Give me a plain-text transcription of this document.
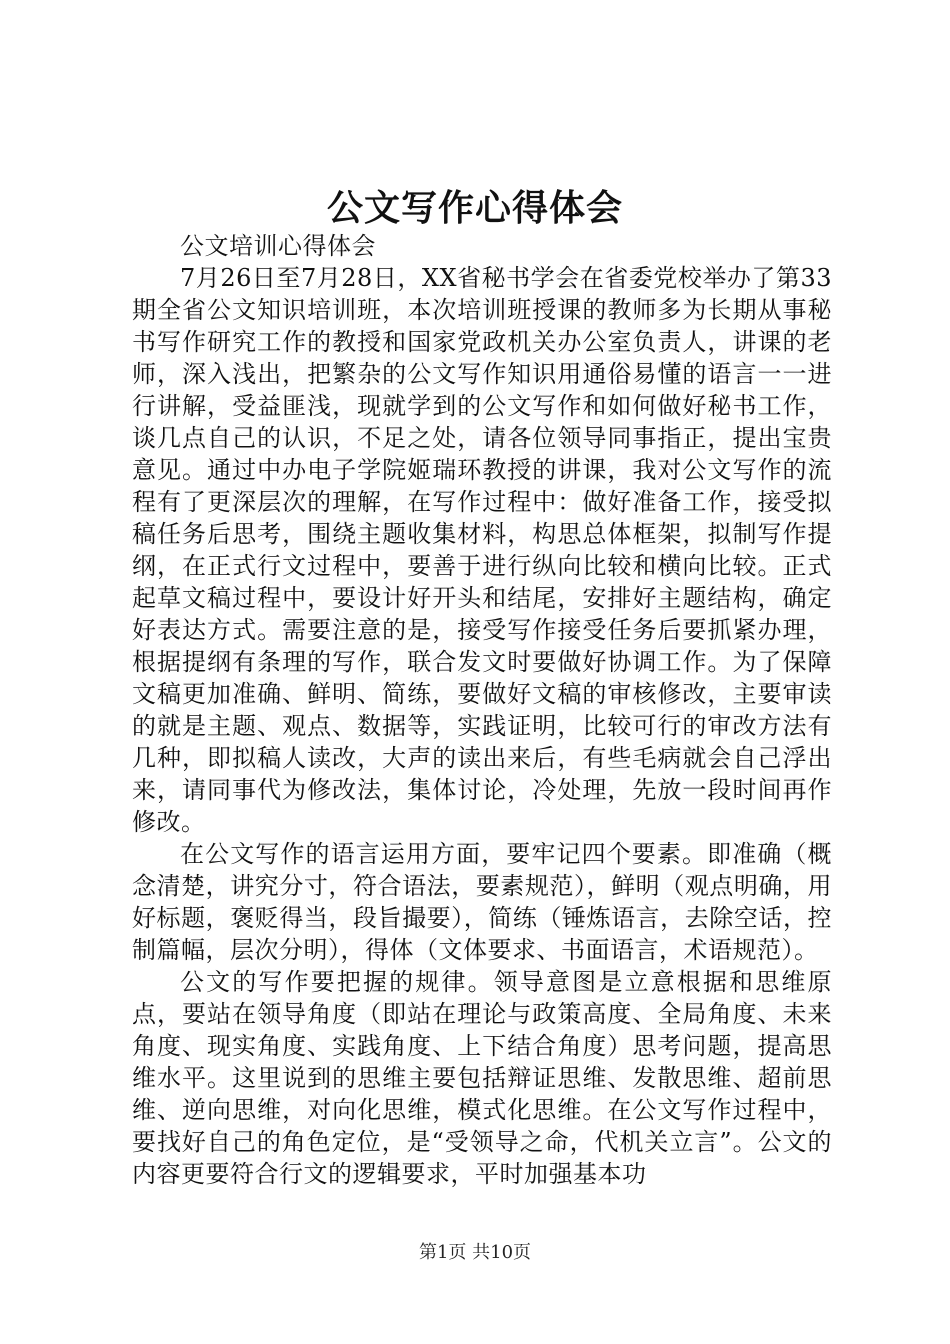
公文写作心得体会

公文培训心得体会

7月26日至7月28日，XX省秘书学会在省委党校举办了第33期全省公文知识培训班，本次培训班授课的教师多为长期从事秘书写作研究工作的教授和国家党政机关办公室负责人，讲课的老师，深入浅出，把繁杂的公文写作知识用通俗易懂的语言一一进行讲解，受益匪浅，现就学到的公文写作和如何做好秘书工作，谈几点自己的认识，不足之处，请各位领导同事指正，提出宝贵意见。通过中办电子学院姬瑞环教授的讲课，我对公文写作的流程有了更深层次的理解，在写作过程中：做好准备工作，接受拟稿任务后思考，围绕主题收集材料，构思总体框架，拟制写作提纲，在正式行文过程中，要善于进行纵向比较和横向比较。正式起草文稿过程中，要设计好开头和结尾，安排好主题结构，确定好表达方式。需要注意的是，接受写作接受任务后要抓紧办理，根据提纲有条理的写作，联合发文时要做好协调工作。为了保障文稿更加准确、鲜明、简练，要做好文稿的审核修改，主要审读的就是主题、观点、数据等，实践证明，比较可行的审改方法有几种，即拟稿人读改，大声的读出来后，有些毛病就会自己浮出来，请同事代为修改法，集体讨论，冷处理，先放一段时间再作修改。

在公文写作的语言运用方面，要牢记四个要素。即准确（概念清楚，讲究分寸，符合语法，要素规范），鲜明（观点明确，用好标题，褒贬得当，段旨撮要），简练（锤炼语言，去除空话，控制篇幅，层次分明），得体（文体要求、书面语言，术语规范）。

公文的写作要把握的规律。领导意图是立意根据和思维原点，要站在领导角度（即站在理论与政策高度、全局角度、未来角度、现实角度、实践角度、上下结合角度）思考问题，提高思维水平。这里说到的思维主要包括辩证思维、发散思维、超前思维、逆向思维，对向化思维，模式化思维。在公文写作过程中，要找好自己的角色定位，是“受领导之命，代机关立言”。公文的内容更要符合行文的逻辑要求，平时加强基本功

第1页 共10页
